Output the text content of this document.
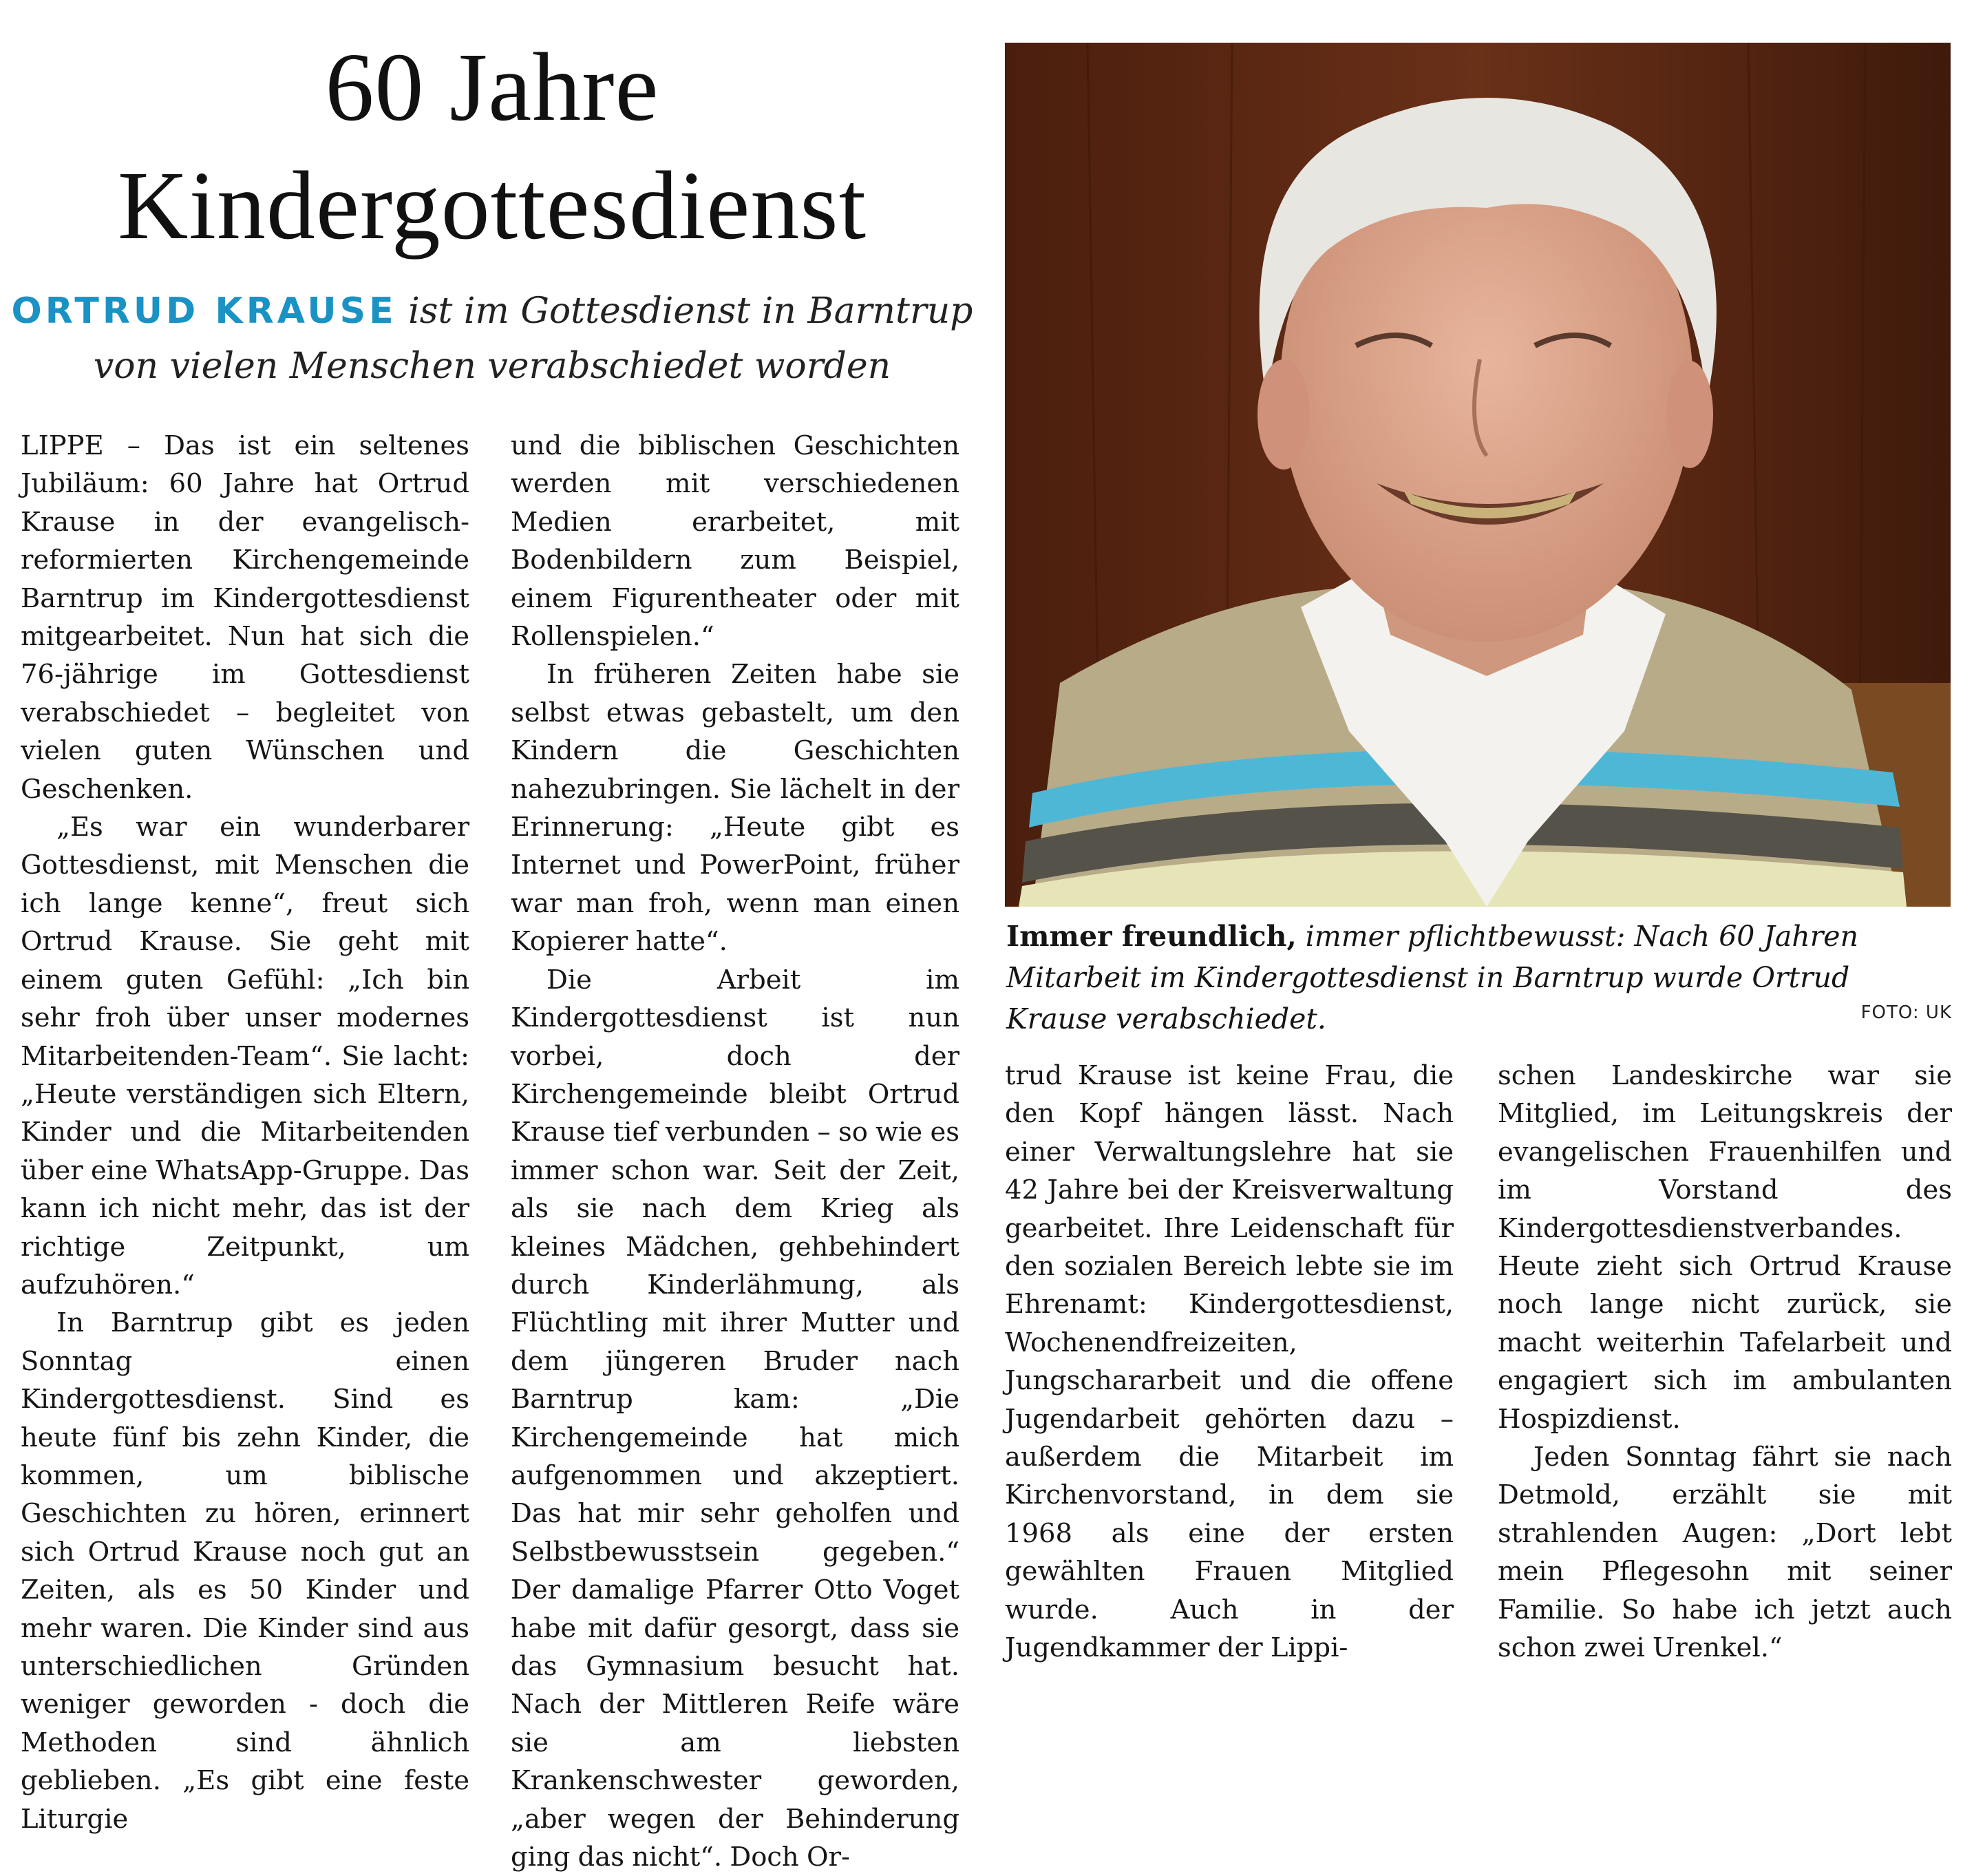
60 Jahre
Kindergottesdienst

ORTRUD KRAUSE ist im Gottesdienst in Barntrup
von vielen Menschen verabschiedet worden

LIPPE – Das ist ein seltenes Jubiläum: 60 Jahre hat Ortrud Krause in der evangelisch-reformierten Kirchengemeinde Barntrup im Kindergottesdienst mitgearbeitet. Nun hat sich die 76-jährige im Gottesdienst verabschiedet – begleitet von vielen guten Wünschen und Geschenken.

„Es war ein wunderbarer Gottesdienst, mit Menschen die ich lange kenne“, freut sich Ortrud Krause. Sie geht mit einem guten Gefühl: „Ich bin sehr froh über unser modernes Mitarbeitenden-Team“. Sie lacht: „Heute verständigen sich Eltern, Kinder und die Mitarbeitenden über eine WhatsApp-Gruppe. Das kann ich nicht mehr, das ist der richtige Zeitpunkt, um aufzuhören.“

In Barntrup gibt es jeden Sonntag einen Kindergottesdienst. Sind es heute fünf bis zehn Kinder, die kommen, um biblische Geschichten zu hören, erinnert sich Ortrud Krause noch gut an Zeiten, als es 50 Kinder und mehr waren. Die Kinder sind aus unterschiedlichen Gründen weniger geworden - doch die Methoden sind ähnlich geblieben. „Es gibt eine feste Liturgie

und die biblischen Geschichten werden mit verschiedenen Medien erarbeitet, mit Bodenbildern zum Beispiel, einem Figurentheater oder mit Rollenspielen.“

In früheren Zeiten habe sie selbst etwas gebastelt, um den Kindern die Geschichten nahezubringen. Sie lächelt in der Erinnerung: „Heute gibt es Internet und PowerPoint, früher war man froh, wenn man einen Kopierer hatte“.

Die Arbeit im Kindergottesdienst ist nun vorbei, doch der Kirchengemeinde bleibt Ortrud Krause tief verbunden – so wie es immer schon war. Seit der Zeit, als sie nach dem Krieg als kleines Mädchen, gehbehindert durch Kinderlähmung, als Flüchtling mit ihrer Mutter und dem jüngeren Bruder nach Barntrup kam: „Die Kirchengemeinde hat mich aufgenommen und akzeptiert. Das hat mir sehr geholfen und Selbstbewusstsein gegeben.“ Der damalige Pfarrer Otto Voget habe mit dafür gesorgt, dass sie das Gymnasium besucht hat. Nach der Mittleren Reife wäre sie am liebsten Krankenschwester geworden, „aber wegen der Behinderung ging das nicht“. Doch Or-

Immer freundlich, immer pflichtbewusst: Nach 60 Jahren Mitarbeit im Kindergottesdienst in Barntrup wurde Ortrud Krause verabschiedet.	FOTO: UK

trud Krause ist keine Frau, die den Kopf hängen lässt. Nach einer Verwaltungslehre hat sie 42 Jahre bei der Kreisverwaltung gearbeitet. Ihre Leidenschaft für den sozialen Bereich lebte sie im Ehrenamt: Kindergottesdienst, Wochenendfreizeiten, Jungschararbeit und die offene Jugendarbeit gehörten dazu – außerdem die Mitarbeit im Kirchenvorstand, in dem sie 1968 als eine der ersten gewählten Frauen Mitglied wurde. Auch in der Jugendkammer der Lippi-

schen Landeskirche war sie Mitglied, im Leitungskreis der evangelischen Frauenhilfen und im Vorstand des Kindergottesdienstverbandes. Heute zieht sich Ortrud Krause noch lange nicht zurück, sie macht weiterhin Tafelarbeit und engagiert sich im ambulanten Hospizdienst.

Jeden Sonntag fährt sie nach Detmold, erzählt sie mit strahlenden Augen: „Dort lebt mein Pflegesohn mit seiner Familie. So habe ich jetzt auch schon zwei Urenkel.“
